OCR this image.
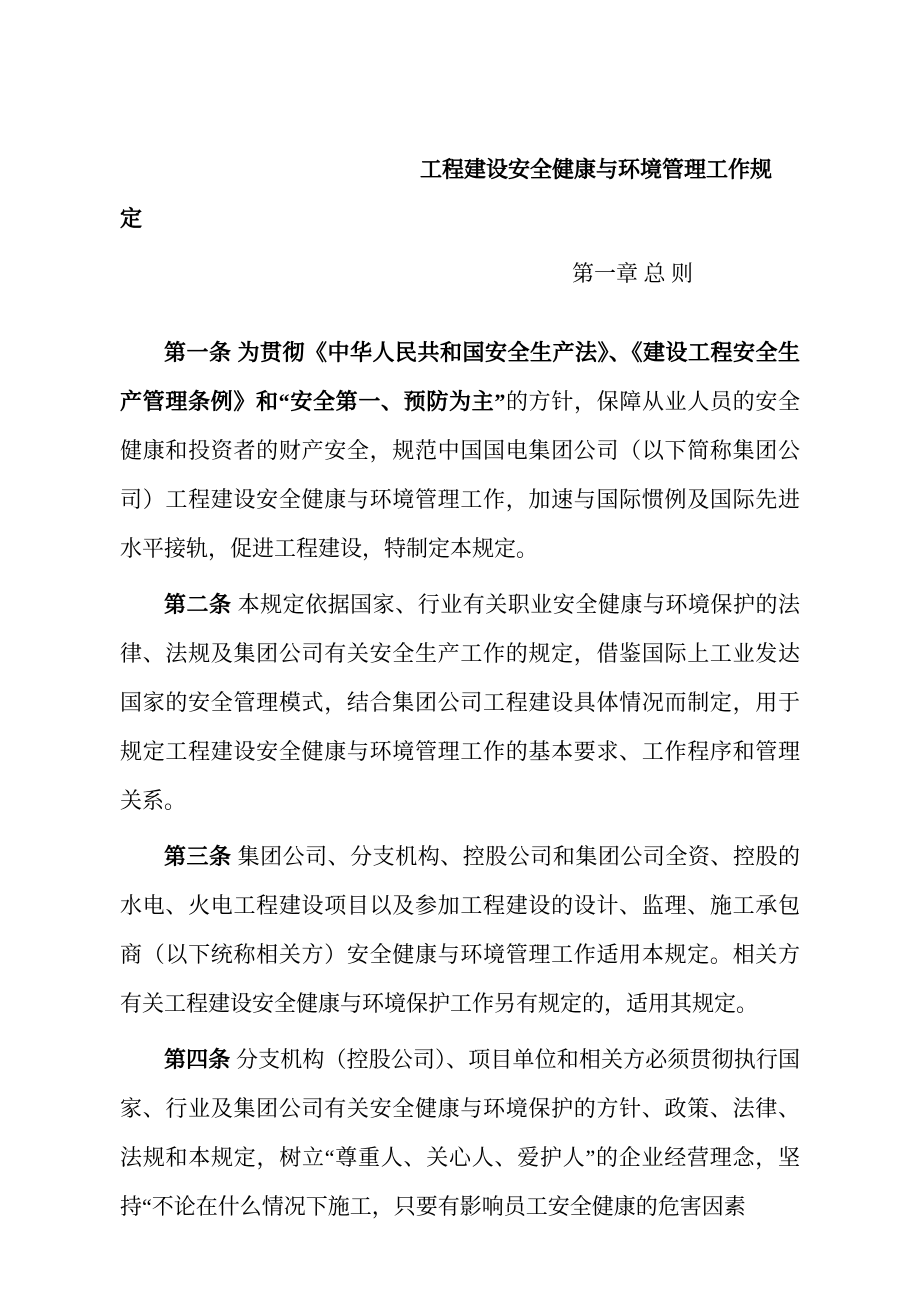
工程建设安全健康与环境管理工作规
定
第一章 总 则

第一条 为贯彻《中华人民共和国安全生产法》、《建设工程安全生产管理条例》和“安全第一、预防为主”的方针，保障从业人员的安全健康和投资者的财产安全，规范中国国电集团公司（以下简称集团公司）工程建设安全健康与环境管理工作，加速与国际惯例及国际先进水平接轨，促进工程建设，特制定本规定。

第二条 本规定依据国家、行业有关职业安全健康与环境保护的法律、法规及集团公司有关安全生产工作的规定，借鉴国际上工业发达国家的安全管理模式，结合集团公司工程建设具体情况而制定，用于规定工程建设安全健康与环境管理工作的基本要求、工作程序和管理关系。

第三条 集团公司、分支机构、控股公司和集团公司全资、控股的水电、火电工程建设项目以及参加工程建设的设计、监理、施工承包商（以下统称相关方）安全健康与环境管理工作适用本规定。相关方有关工程建设安全健康与环境保护工作另有规定的，适用其规定。

第四条 分支机构（控股公司）、项目单位和相关方必须贯彻执行国家、行业及集团公司有关安全健康与环境保护的方针、政策、法律、法规和本规定，树立“尊重人、关心人、爱护人”的企业经营理念，坚持“不论在什么情况下施工，只要有影响员工安全健康的危害因素
